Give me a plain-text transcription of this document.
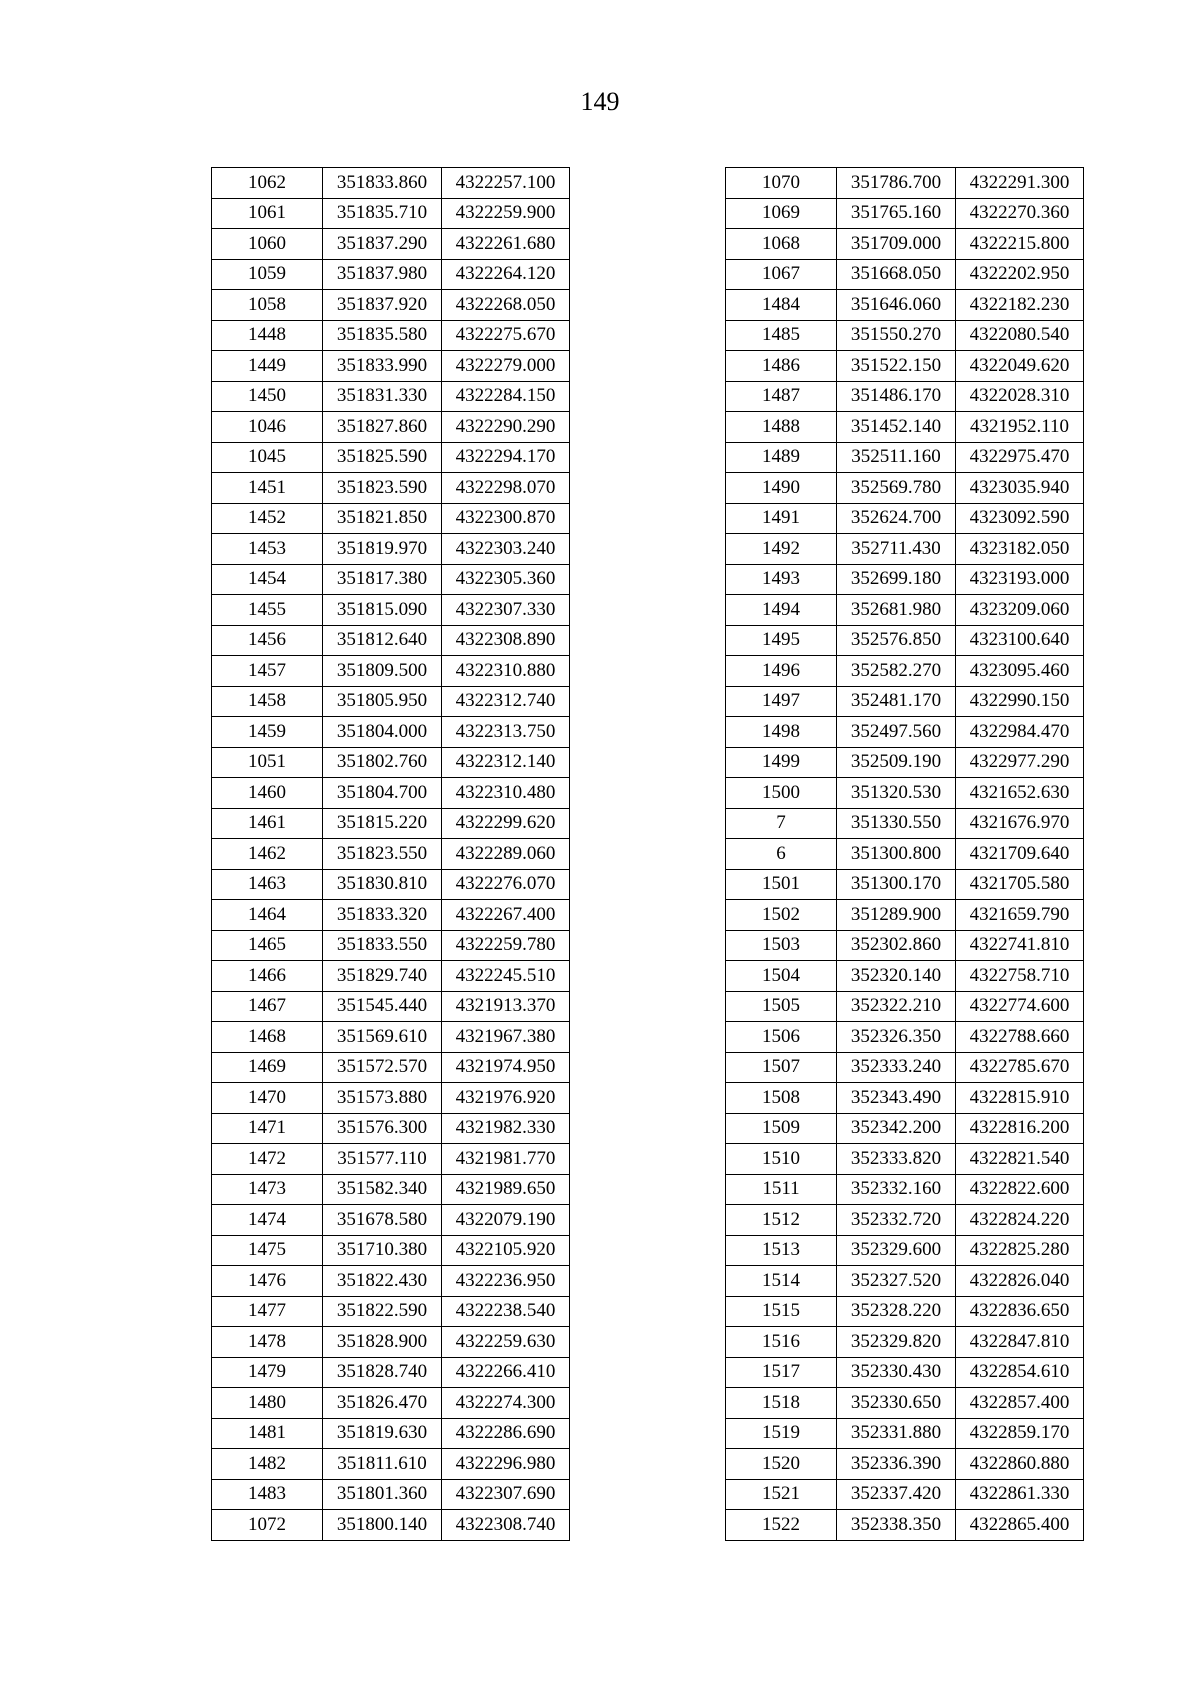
149
1062	351833.860	4322257.100
1061	351835.710	4322259.900
1060	351837.290	4322261.680
1059	351837.980	4322264.120
1058	351837.920	4322268.050
1448	351835.580	4322275.670
1449	351833.990	4322279.000
1450	351831.330	4322284.150
1046	351827.860	4322290.290
1045	351825.590	4322294.170
1451	351823.590	4322298.070
1452	351821.850	4322300.870
1453	351819.970	4322303.240
1454	351817.380	4322305.360
1455	351815.090	4322307.330
1456	351812.640	4322308.890
1457	351809.500	4322310.880
1458	351805.950	4322312.740
1459	351804.000	4322313.750
1051	351802.760	4322312.140
1460	351804.700	4322310.480
1461	351815.220	4322299.620
1462	351823.550	4322289.060
1463	351830.810	4322276.070
1464	351833.320	4322267.400
1465	351833.550	4322259.780
1466	351829.740	4322245.510
1467	351545.440	4321913.370
1468	351569.610	4321967.380
1469	351572.570	4321974.950
1470	351573.880	4321976.920
1471	351576.300	4321982.330
1472	351577.110	4321981.770
1473	351582.340	4321989.650
1474	351678.580	4322079.190
1475	351710.380	4322105.920
1476	351822.430	4322236.950
1477	351822.590	4322238.540
1478	351828.900	4322259.630
1479	351828.740	4322266.410
1480	351826.470	4322274.300
1481	351819.630	4322286.690
1482	351811.610	4322296.980
1483	351801.360	4322307.690
1072	351800.140	4322308.740
1070	351786.700	4322291.300
1069	351765.160	4322270.360
1068	351709.000	4322215.800
1067	351668.050	4322202.950
1484	351646.060	4322182.230
1485	351550.270	4322080.540
1486	351522.150	4322049.620
1487	351486.170	4322028.310
1488	351452.140	4321952.110
1489	352511.160	4322975.470
1490	352569.780	4323035.940
1491	352624.700	4323092.590
1492	352711.430	4323182.050
1493	352699.180	4323193.000
1494	352681.980	4323209.060
1495	352576.850	4323100.640
1496	352582.270	4323095.460
1497	352481.170	4322990.150
1498	352497.560	4322984.470
1499	352509.190	4322977.290
1500	351320.530	4321652.630
7	351330.550	4321676.970
6	351300.800	4321709.640
1501	351300.170	4321705.580
1502	351289.900	4321659.790
1503	352302.860	4322741.810
1504	352320.140	4322758.710
1505	352322.210	4322774.600
1506	352326.350	4322788.660
1507	352333.240	4322785.670
1508	352343.490	4322815.910
1509	352342.200	4322816.200
1510	352333.820	4322821.540
1511	352332.160	4322822.600
1512	352332.720	4322824.220
1513	352329.600	4322825.280
1514	352327.520	4322826.040
1515	352328.220	4322836.650
1516	352329.820	4322847.810
1517	352330.430	4322854.610
1518	352330.650	4322857.400
1519	352331.880	4322859.170
1520	352336.390	4322860.880
1521	352337.420	4322861.330
1522	352338.350	4322865.400
